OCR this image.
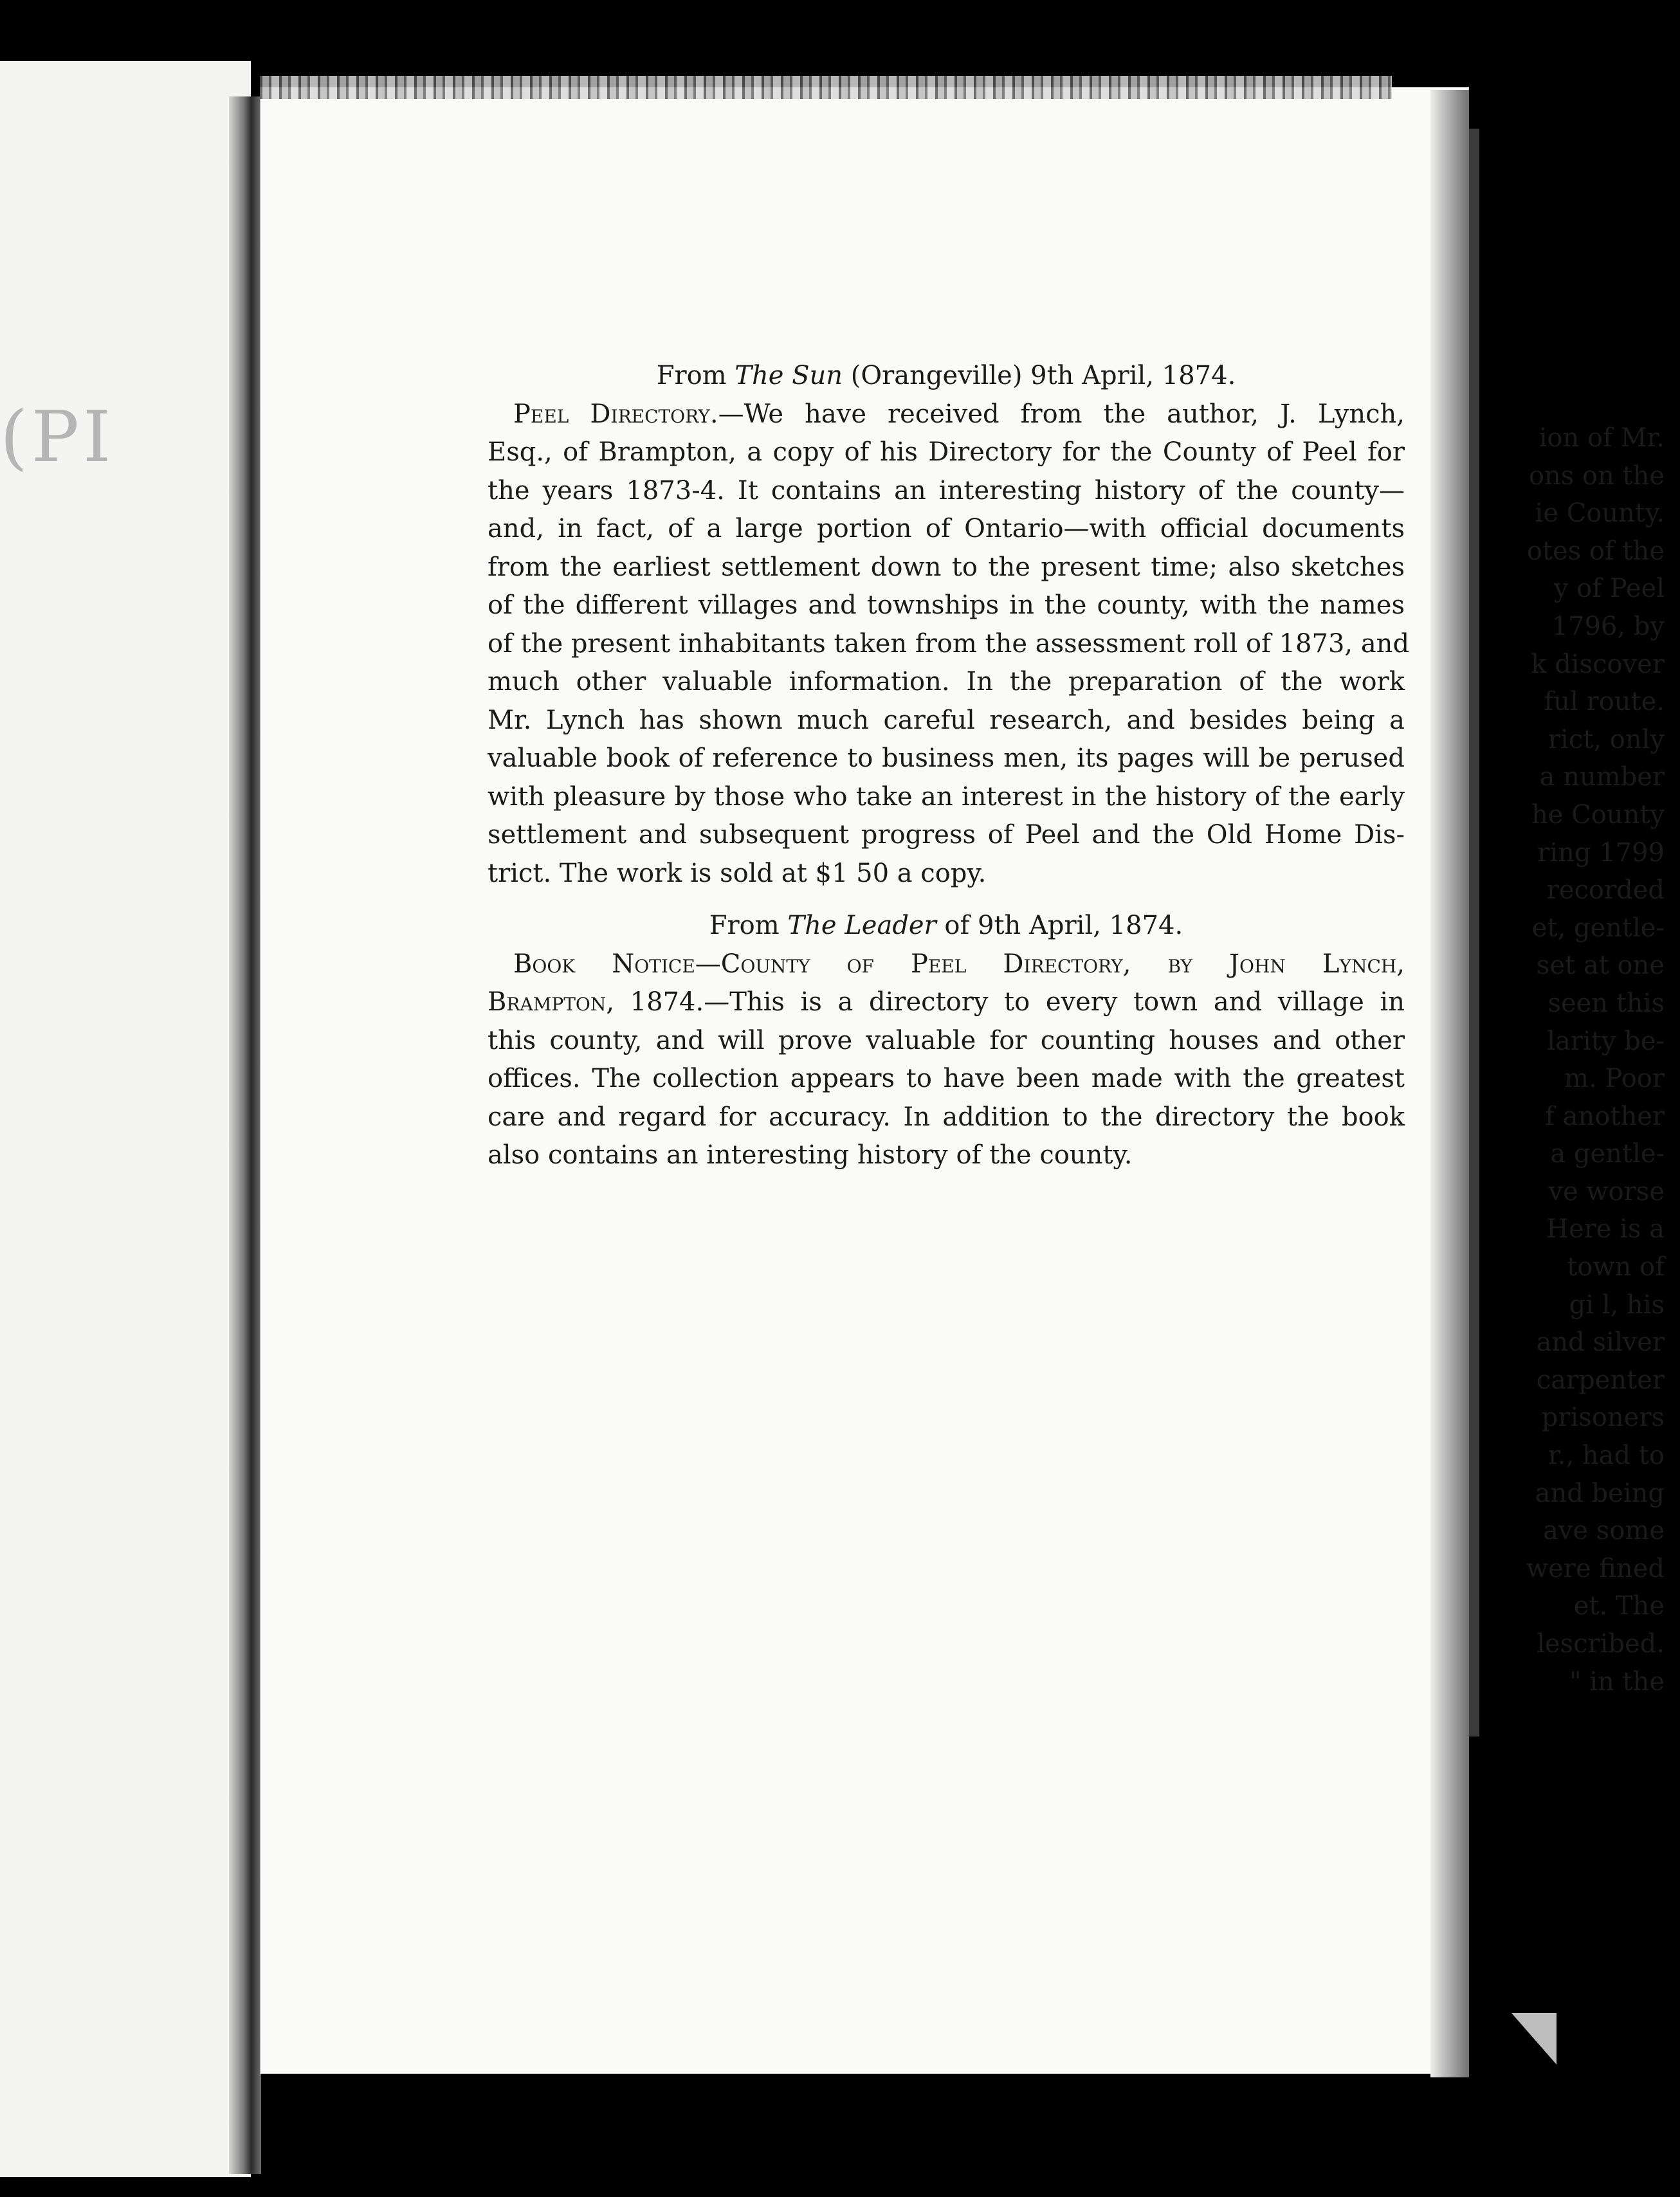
(PI	ion of Mr.
ons on the
ie County.
otes of the
y of Peel
1796, by
k discover
ful route.
rict, only
a number
he County
ring 1799
recorded
et, gentle-
set at one
seen this
larity be-
m. Poor
f another
a gentle-
ve worse
Here is a
town of
gi l, his
and silver
carpenter
prisoners
r., had to
and being
ave some
were fined
et. The
lescribed.
" in the
From The Sun (Orangeville) 9th April, 1874.
Peel Directory.—We have received from the author, J. Lynch,
Esq., of Brampton, a copy of his Directory for the County of Peel for
the years 1873-4. It contains an interesting history of the county—
and, in fact, of a large portion of Ontario—with official documents
from the earliest settlement down to the present time; also sketches
of the different villages and townships in the county, with the names
of the present inhabitants taken from the assessment roll of 1873, and
much other valuable information. In the preparation of the work
Mr. Lynch has shown much careful research, and besides being a
valuable book of reference to business men, its pages will be perused
with pleasure by those who take an interest in the history of the early
settlement and subsequent progress of Peel and the Old Home Dis-
trict. The work is sold at $1 50 a copy.
From The Leader of 9th April, 1874.
Book Notice—County of Peel Directory, by John Lynch,
Brampton, 1874.—This is a directory to every town and village in
this county, and will prove valuable for counting houses and other
offices. The collection appears to have been made with the greatest
care and regard for accuracy. In addition to the directory the book
also contains an interesting history of the county.
